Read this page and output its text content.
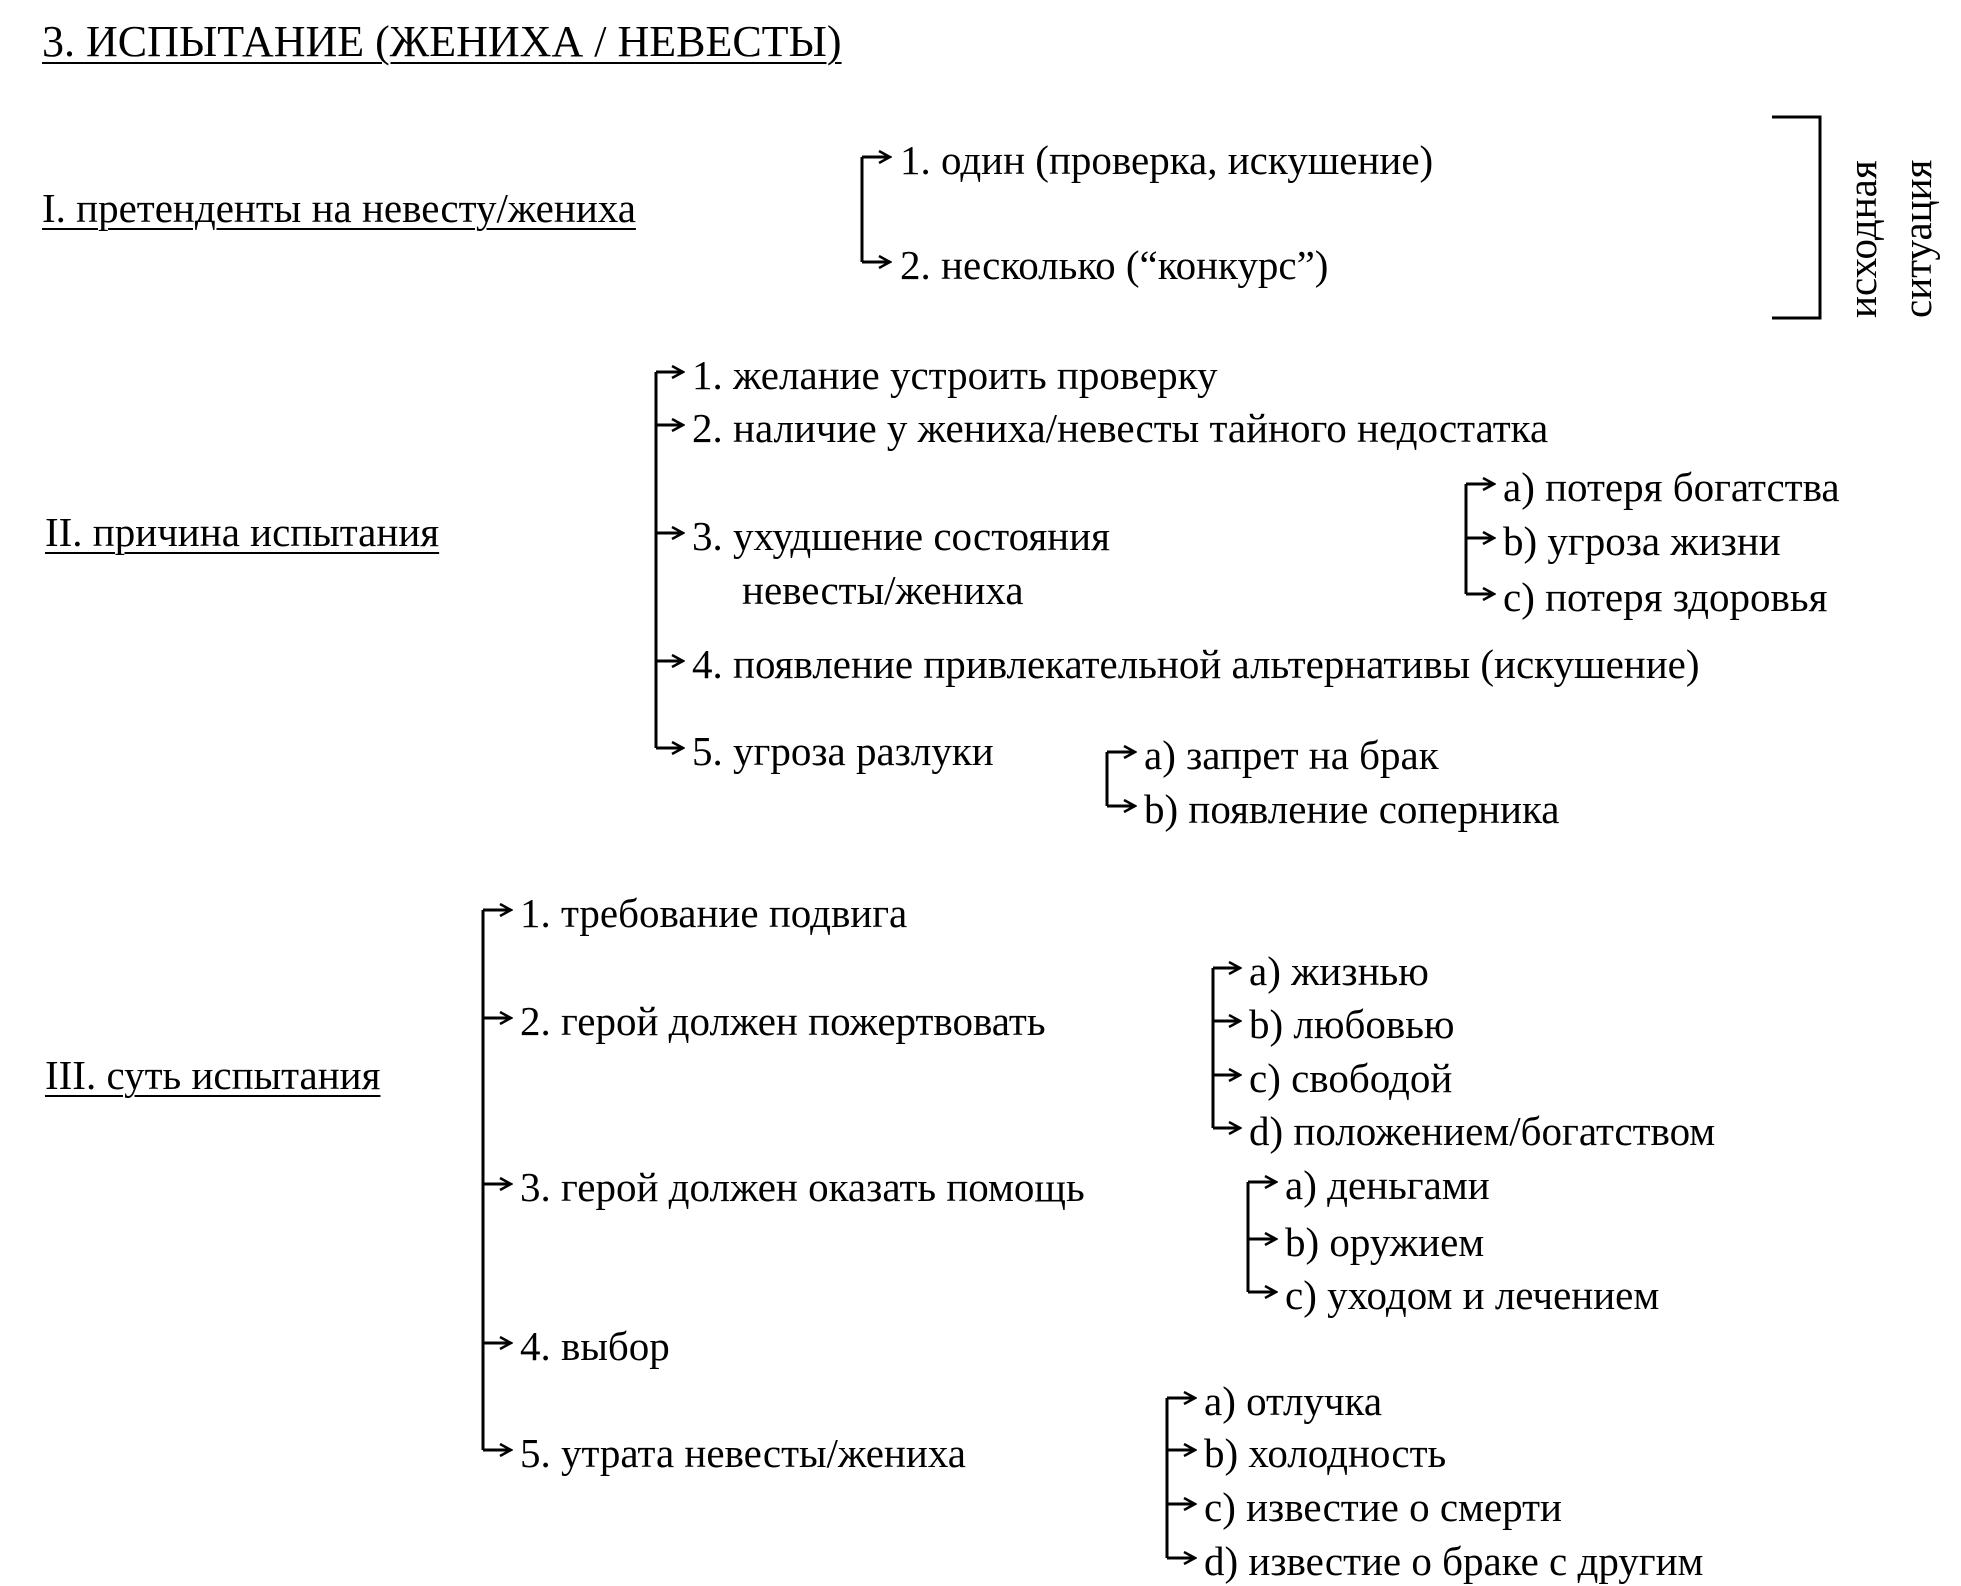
3. ИСПЫТАНИЕ (ЖЕНИХА / НЕВЕСТЫ)
I. претенденты на невесту/жениха
1. один (проверка, искушение)
2. несколько (“конкурс”)	исходная ситуация
II. причина испытания
1. желание устроить проверку
2. наличие у жениха/невесты тайного недостатка
3. ухудшение состояния
невесты/жениха
4. появление привлекательной альтернативы (искушение)
5. угроза разлуки
a) потеря богатства
b) угроза жизни
c) потеря здоровья
a) запрет на брак
b) появление соперника
III. суть испытания
1. требование подвига
2. герой должен пожертвовать
3. герой должен оказать помощь
4. выбор
5. утрата невесты/жениха
a) жизнью
b) любовью
c) свободой
d) положением/богатством
a) деньгами
b) оружием
c) уходом и лечением
a) отлучка
b) холодность
c) известие о смерти
d) известие о браке с другим
